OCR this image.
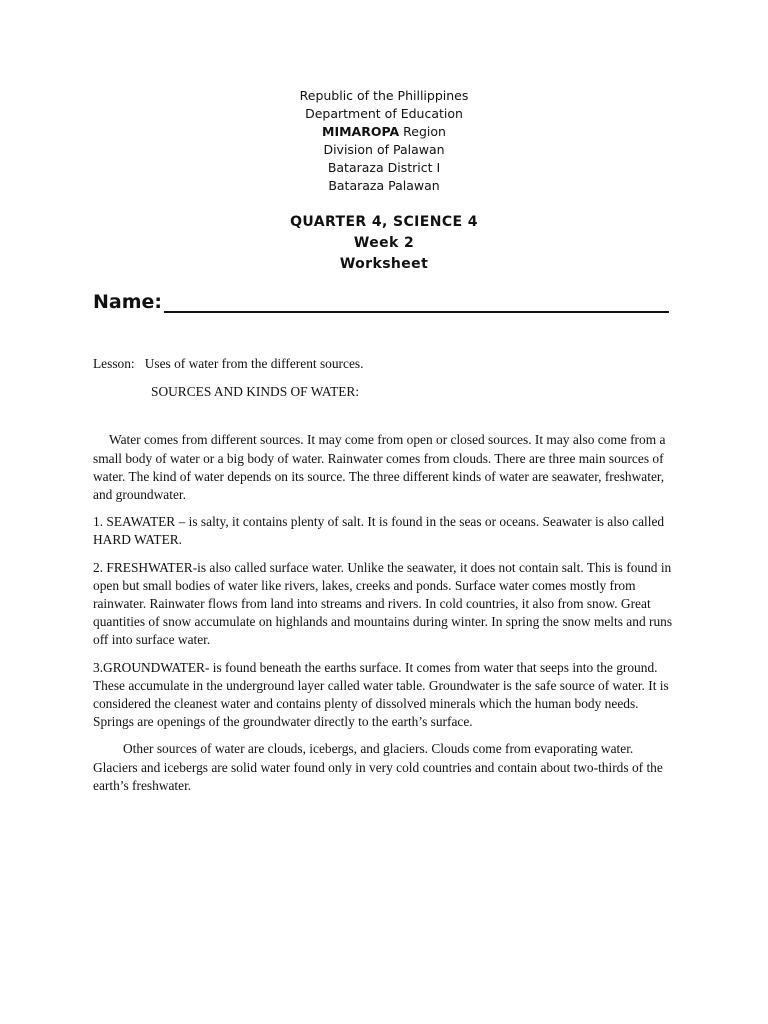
Republic of the Phillippines
Department of Education
MIMAROPA Region
Division of Palawan
Bataraza District I
Bataraza Palawan
QUARTER 4, SCIENCE 4
Week 2
Worksheet
Name:
Lesson: Uses of water from the different sources.
SOURCES AND KINDS OF WATER:

Water comes from different sources. It may come from open or closed sources. It may also come from a small body of water or a big body of water. Rainwater comes from clouds. There are three main sources of water. The kind of water depends on its source. The three different kinds of water are seawater, freshwater, and groundwater.

1. SEAWATER – is salty, it contains plenty of salt. It is found in the seas or oceans. Seawater is also called HARD WATER.

2. FRESHWATER-is also called surface water. Unlike the seawater, it does not contain salt. This is found in open but small bodies of water like rivers, lakes, creeks and ponds. Surface water comes mostly from rainwater. Rainwater flows from land into streams and rivers. In cold countries, it also from snow. Great quantities of snow accumulate on highlands and mountains during winter. In spring the snow melts and runs off into surface water.

3.GROUNDWATER- is found beneath the earths surface. It comes from water that seeps into the ground. These accumulate in the underground layer called water table. Groundwater is the safe source of water. It is considered the cleanest water and contains plenty of dissolved minerals which the human body needs. Springs are openings of the groundwater directly to the earth’s surface.

Other sources of water are clouds, icebergs, and glaciers. Clouds come from evaporating water. Glaciers and icebergs are solid water found only in very cold countries and contain about two-thirds of the earth’s freshwater.
